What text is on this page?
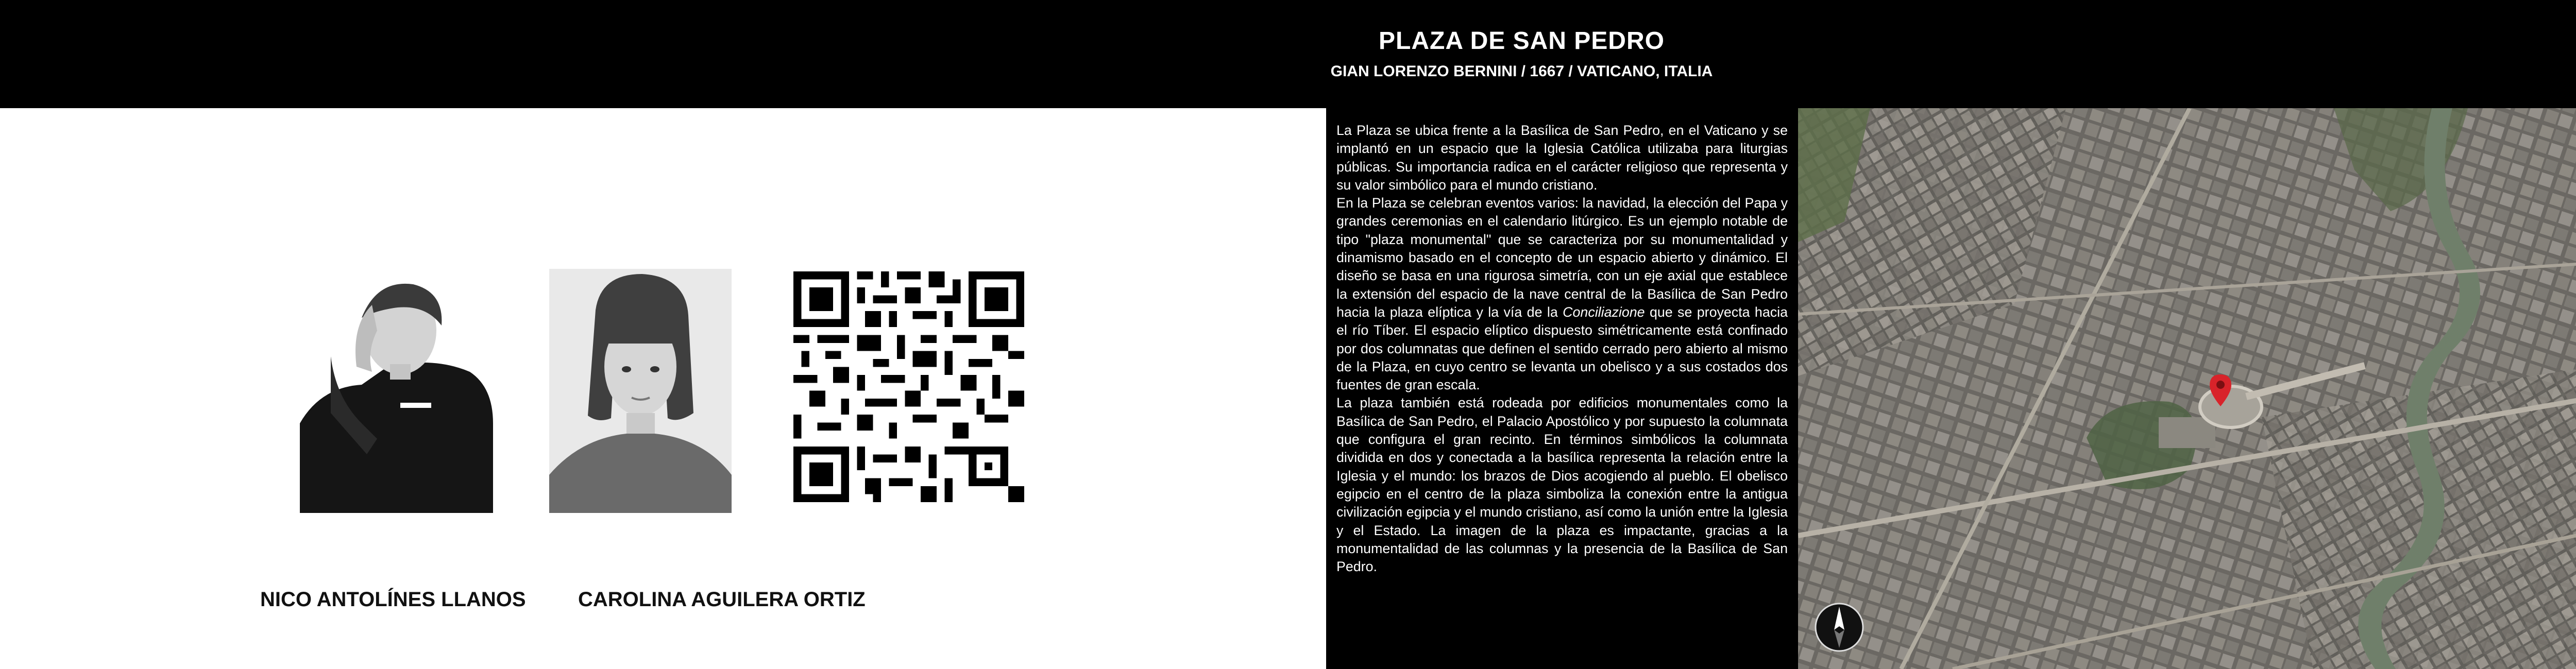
PLAZA DE SAN PEDRO
GIAN LORENZO BERNINI / 1667 / VATICANO, ITALIA
NICO ANTOLÍNES LLANOS	CAROLINA AGUILERA ORTIZ

La Plaza se ubica frente a la Basílica de San Pedro, en el Vaticano y se implantó en un espacio que la Iglesia Católica utilizaba para liturgias públicas. Su importancia radica en el carácter religioso que representa y su valor simbólico para el mundo cristiano.

En la Plaza se celebran eventos varios: la navidad, la elección del Papa y grandes ceremonias en el calendario litúrgico. Es un ejemplo notable de tipo "plaza monumental" que se caracteriza por su monumentalidad y dinamismo basado en el concepto de un espacio abierto y dinámico. El diseño se basa en una rigurosa simetría, con un eje axial que establece la extensión del espacio de la nave central de la Basílica de San Pedro hacia la plaza elíptica y la vía de la Conciliazione que se proyecta hacia el río Tíber. El espacio elíptico dispuesto simétricamente está confinado por dos columnatas que definen el sentido cerrado pero abierto al mismo de la Plaza, en cuyo centro se levanta un obelisco y a sus costados dos fuentes de gran escala.

La plaza también está rodeada por edificios monumentales como la Basílica de San Pedro, el Palacio Apostólico y por supuesto la columnata que configura el gran recinto. En términos simbólicos la columnata dividida en dos y conectada a la basílica representa la relación entre la Iglesia y el mundo: los brazos de Dios acogiendo al pueblo. El obelisco egipcio en el centro de la plaza simboliza la conexión entre la antigua civilización egipcia y el mundo cristiano, así como la unión entre la Iglesia y el Estado. La imagen de la plaza es impactante, gracias a la monumentalidad de las columnas y la presencia de la Basílica de San Pedro.
